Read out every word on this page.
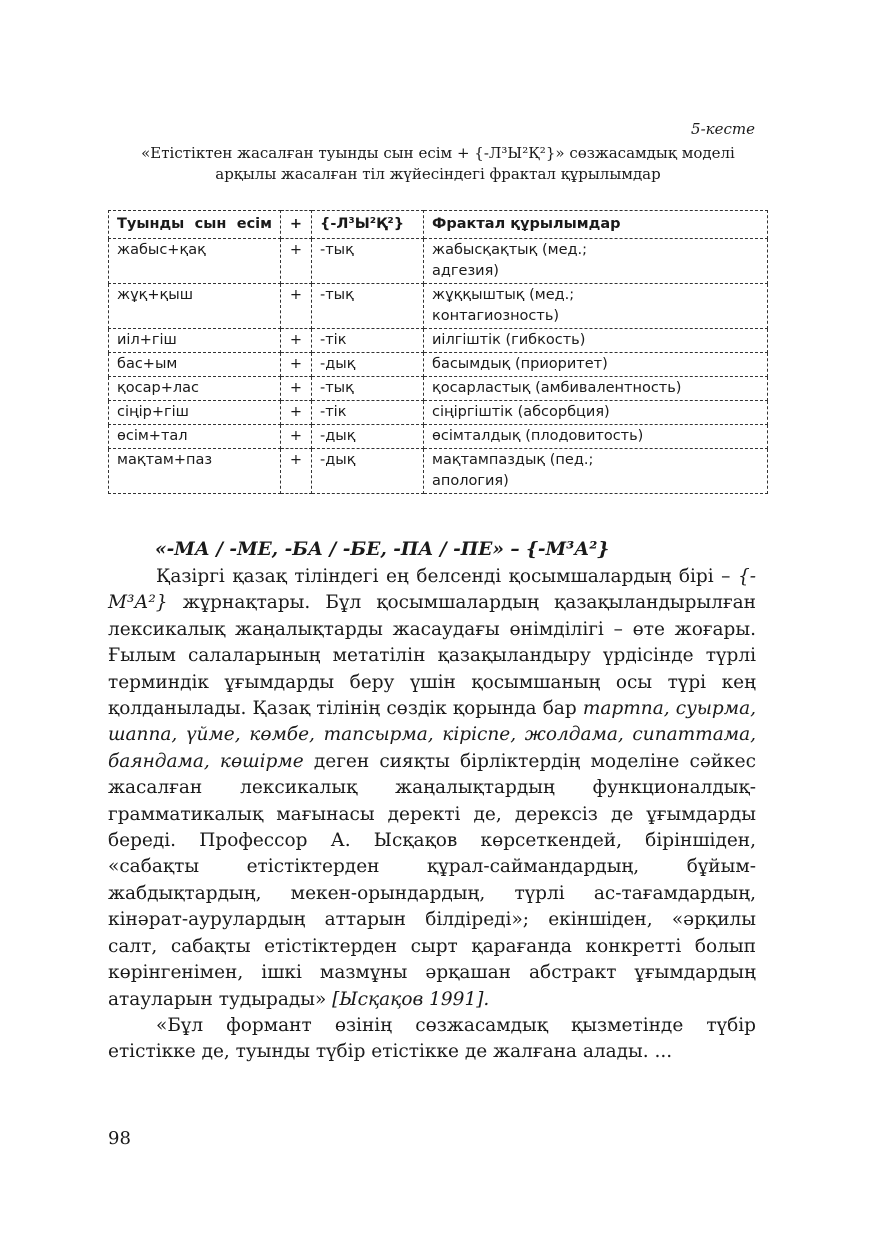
5-кесте
«Етістіктен жасалған туынды сын есім + {-Л³Ы²Қ²}» сөзжасамдық моделі
арқылы жасалған тіл жүйесіндегі фрактал құрылымдар
Туынды сын есім	+	{-Л³Ы²Қ²}	Фрактал құрылымдар
жабыс+қақ	+	-тық	жабысқақтық (мед.; адгезия)
жұқ+қыш	+	-тық	жұққыштық (мед.; контагиозность)
иіл+гіш	+	-тік	иілгіштік (гибкость)
бас+ым	+	-дық	басымдық (приоритет)
қосар+лас	+	-тық	қосарластық (амбивалентность)
сіңір+гіш	+	-тік	сіңіргіштік (абсорбция)
өсім+тал	+	-дық	өсімталдық (плодовитость)
мақтам+паз	+	-дық	мақтампаздық (пед.; апология)
«-МА / -МЕ, -БА / -БЕ, -ПА / -ПЕ» – {-М³А²}

Қазіргі қазақ тіліндегі ең белсенді қосымшалардың бірі – {-М³А²} жұрнақтары. Бұл қосымшалардың қазақыландырылған лексикалық жаңалықтарды жасаудағы өнімділігі – өте жоғары. Ғылым салаларының метатілін қазақыландыру үрдісінде түрлі терминдік ұғымдарды беру үшін қосымшаның осы түрі кең қолданылады. Қазақ тілінің сөздік қорында бар тартпа, суырма, шаппа, үйме, көмбе, тапсырма, кіріспе, жолдама, сипаттама, баяндама, көшірме деген сияқты бірліктердің моделіне сәйкес жасалған лексикалық жаңалықтардың функционалдық-грамматикалық мағынасы деректі де, дерексіз де ұғымдарды береді. Профессор А. Ысқақов көрсеткендей, біріншіден, «сабақты етістіктерден құрал-саймандардың, бұйым-жабдықтардың, мекен-орындардың, түрлі ас-тағамдардың, кінәрат-аурулардың аттарын білдіреді»; екіншіден, «әрқилы салт, сабақты етістіктерден сырт қарағанда конкретті болып көрінгенімен, ішкі мазмұны әрқашан абстракт ұғымдардың атауларын тудырады» [Ысқақов 1991].

«Бұл формант өзінің сөзжасамдық қызметінде түбір етістікке де, туынды түбір етістікке де жалғана алады. ...

98
